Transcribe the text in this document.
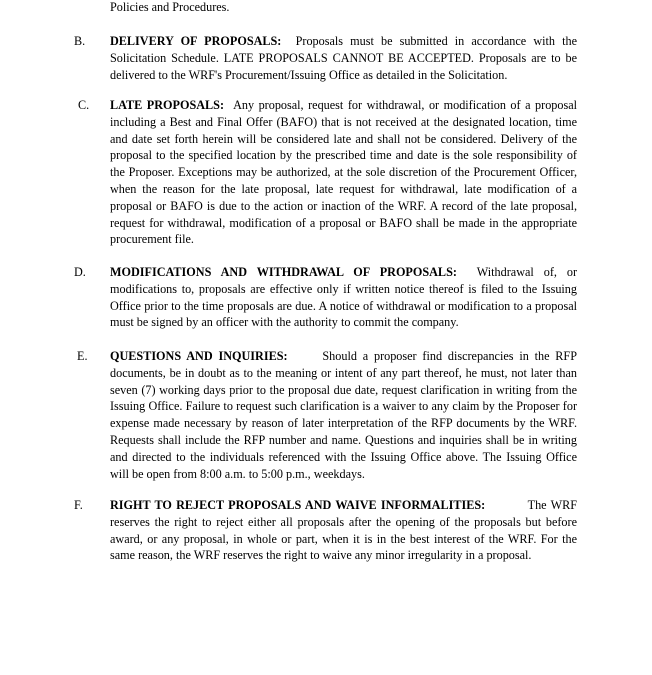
Policies and Procedures.
B.	DELIVERY OF PROPOSALS: Proposals must be submitted in accordance with the Solicitation Schedule. LATE PROPOSALS CANNOT BE ACCEPTED. Proposals are to be delivered to the WRF's Procurement/Issuing Office as detailed in the Solicitation.
C.	LATE PROPOSALS: Any proposal, request for withdrawal, or modification of a proposal including a Best and Final Offer (BAFO) that is not received at the designated location, time and date set forth herein will be considered late and shall not be considered. Delivery of the proposal to the specified location by the prescribed time and date is the sole responsibility of the Proposer. Exceptions may be authorized, at the sole discretion of the Procurement Officer, when the reason for the late proposal, late request for withdrawal, late modification of a proposal or BAFO is due to the action or inaction of the WRF. A record of the late proposal, request for withdrawal, modification of a proposal or BAFO shall be made in the appropriate procurement file.
D.	MODIFICATIONS AND WITHDRAWAL OF PROPOSALS: Withdrawal of, or modifications to, proposals are effective only if written notice thereof is filed to the Issuing Office prior to the time proposals are due. A notice of withdrawal or modification to a proposal must be signed by an officer with the authority to commit the company.
E.	QUESTIONS AND INQUIRIES:	Should a proposer find discrepancies in the RFP documents, be in doubt as to the meaning or intent of any part thereof, he must, not later than seven (7) working days prior to the proposal due date, request clarification in writing from the Issuing Office. Failure to request such clarification is a waiver to any claim by the Proposer for expense made necessary by reason of later interpretation of the RFP documents by the WRF. Requests shall include the RFP number and name. Questions and inquiries shall be in writing and directed to the individuals referenced with the Issuing Office above. The Issuing Office will be open from 8:00 a.m. to 5:00 p.m., weekdays.
F.	RIGHT TO REJECT PROPOSALS AND WAIVE INFORMALITIES:	The WRF reserves the right to reject either all proposals after the opening of the proposals but before award, or any proposal, in whole or part, when it is in the best interest of the WRF. For the same reason, the WRF reserves the right to waive any minor irregularity in a proposal.
